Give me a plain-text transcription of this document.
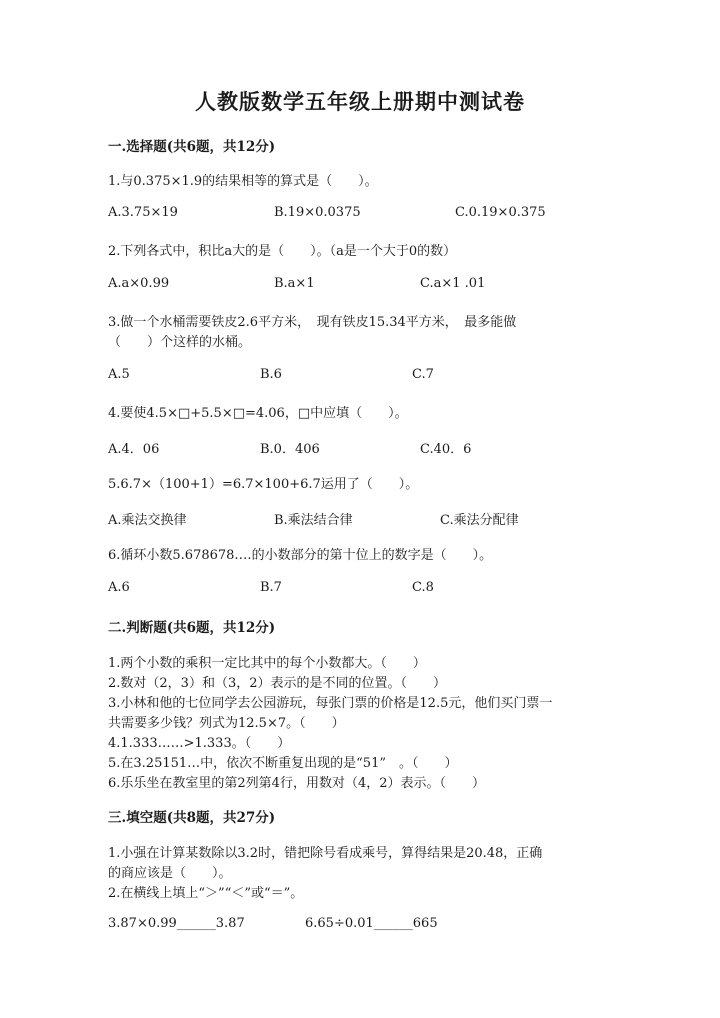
人教版数学五年级上册期中测试卷
一.选择题(共6题，共12分)
1.与0.375×1.9的结果相等的算式是（　　）。
A.3.75×19	B.19×0.0375	C.0.19×0.375
2.下列各式中，积比a大的是（　　）。（a是一个大于0的数）
A.a×0.99	B.a×1	C.a×1 .01
3.做一个水桶需要铁皮2.6平方米，　现有铁皮15.34平方米，　最多能做
（　　）个这样的水桶。
A.5	B.6	C.7
4.要使4.5×□+5.5×□=4.06，□中应填（　　）。
A.4．06	B.0．406	C.40．6
5.6.7×（100+1）=6.7×100+6.7运用了（　　）。
A.乘法交换律	B.乘法结合律	C.乘法分配律
6.循环小数5.678678.…的小数部分的第十位上的数字是（　　）。
A.6	B.7	C.8
二.判断题(共6题，共12分)
1.两个小数的乘积一定比其中的每个小数都大。（　　）
2.数对（2，3）和（3，2）表示的是不同的位置。（　　）
3.小林和他的七位同学去公园游玩，每张门票的价格是12.5元，他们买门票一
共需要多少钱？列式为12.5×7。（　　）
4.1.333……>1.333。（　　）
5.在3.25151…中，依次不断重复出现的是“51”　。（　　）
6.乐乐坐在教室里的第2列第4行，用数对（4，2）表示。（　　）
三.填空题(共8题，共27分)
1.小强在计算某数除以3.2时，错把除号看成乘号，算得结果是20.48，正确
的商应该是（　　）。
2.在横线上填上“＞”“＜”或“＝”。
3.87×0.99______3.87	6.65÷0.01______665
